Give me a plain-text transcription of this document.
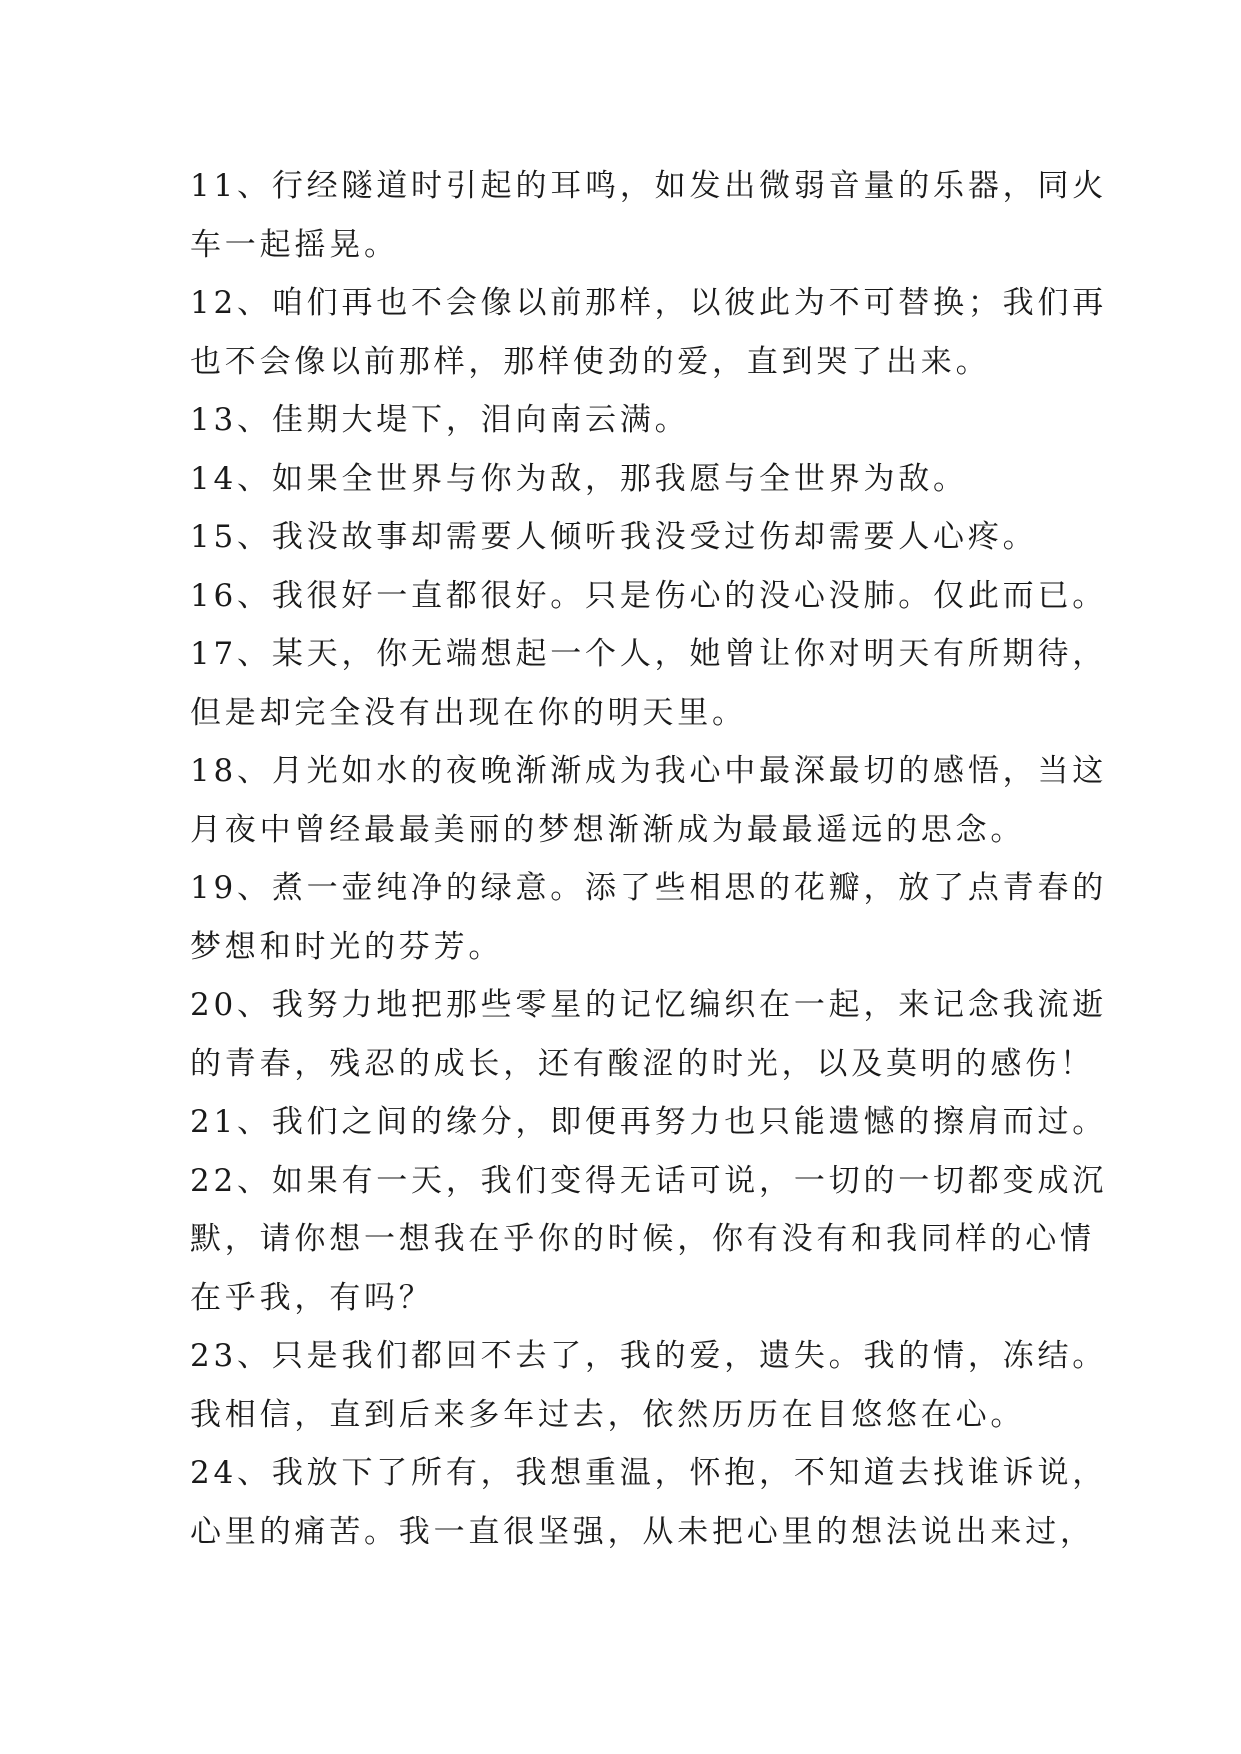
11、行经隧道时引起的耳鸣，如发出微弱音量的乐器，同火
车一起摇晃。

12、咱们再也不会像以前那样，以彼此为不可替换；我们再
也不会像以前那样，那样使劲的爱，直到哭了出来。

13、佳期大堤下，泪向南云满。

14、如果全世界与你为敌，那我愿与全世界为敌。

15、我没故事却需要人倾听我没受过伤却需要人心疼。

16、我很好一直都很好。只是伤心的没心没肺。仅此而已。

17、某天，你无端想起一个人，她曾让你对明天有所期待，
但是却完全没有出现在你的明天里。

18、月光如水的夜晚渐渐成为我心中最深最切的感悟，当这
月夜中曾经最最美丽的梦想渐渐成为最最遥远的思念。

19、煮一壶纯净的绿意。添了些相思的花瓣，放了点青春的
梦想和时光的芬芳。

20、我努力地把那些零星的记忆编织在一起，来记念我流逝
的青春，残忍的成长，还有酸涩的时光，以及莫明的感伤！

21、我们之间的缘分，即便再努力也只能遗憾的擦肩而过。

22、如果有一天，我们变得无话可说，一切的一切都变成沉
默，请你想一想我在乎你的时候，你有没有和我同样的心情
在乎我，有吗？

23、只是我们都回不去了，我的爱，遗失。我的情，冻结。
我相信，直到后来多年过去，依然历历在目悠悠在心。

24、我放下了所有，我想重温，怀抱，不知道去找谁诉说，
心里的痛苦。我一直很坚强，从未把心里的想法说出来过，
